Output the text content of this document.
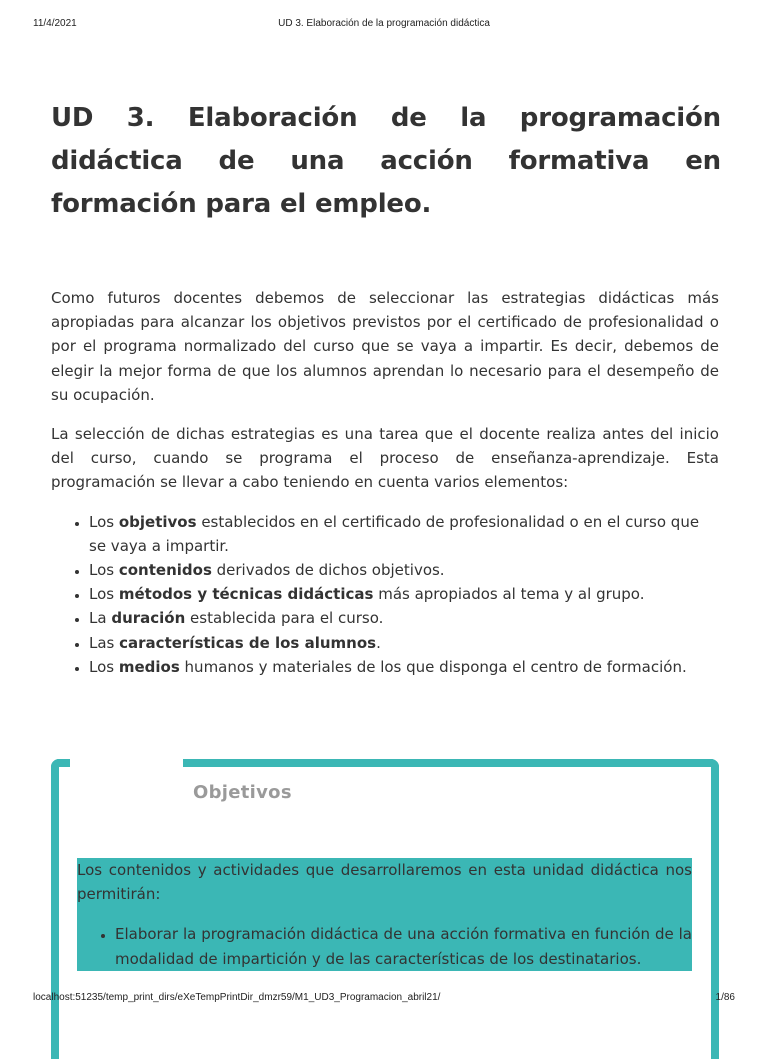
11/4/2021	UD 3. Elaboración de la programación didáctica
UD 3. Elaboración de la programación didáctica de una acción formativa en formación para el empleo.

Como futuros docentes debemos de seleccionar las estrategias didácticas más apropiadas para alcanzar los objetivos previstos por el certificado de profesionalidad o por el programa normalizado del curso que se vaya a impartir. Es decir, debemos de elegir la mejor forma de que los alumnos aprendan lo necesario para el desempeño de su ocupación.

La selección de dichas estrategias es una tarea que el docente realiza antes del inicio del curso, cuando se programa el proceso de enseñanza-aprendizaje. Esta programación se llevar a cabo teniendo en cuenta varios elementos:

• Los objetivos establecidos en el certificado de profesionalidad o en el curso que se vaya a impartir.
• Los contenidos derivados de dichos objetivos.
• Los métodos y técnicas didácticas más apropiados al tema y al grupo.
• La duración establecida para el curso.
• Las características de los alumnos.
• Los medios humanos y materiales de los que disponga el centro de formación.
Objetivos

Los contenidos y actividades que desarrollaremos en esta unidad didáctica nos permitirán:

• Elaborar la programación didáctica de una acción formativa en función de la modalidad de impartición y de las características de los destinatarios.
localhost:51235/temp_print_dirs/eXeTempPrintDir_dmzr59/M1_UD3_Programacion_abril21/	1/86
